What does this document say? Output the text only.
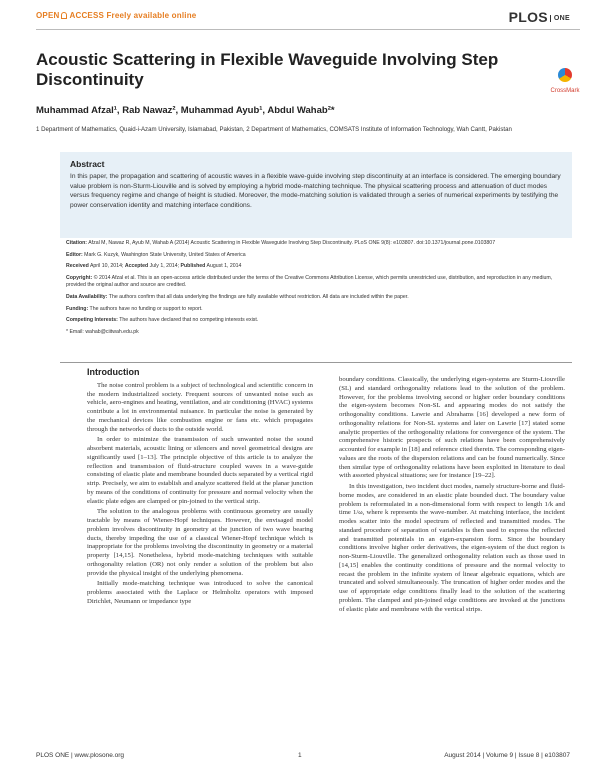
OPEN ACCESS Freely available online	PLOS ONE
Acoustic Scattering in Flexible Waveguide Involving Step Discontinuity
CrossMark
Muhammad Afzal¹, Rab Nawaz², Muhammad Ayub¹, Abdul Wahab²*
1 Department of Mathematics, Quaid-i-Azam University, Islamabad, Pakistan, 2 Department of Mathematics, COMSATS Institute of Information Technology, Wah Cantt, Pakistan
Abstract

In this paper, the propagation and scattering of acoustic waves in a flexible wave-guide involving step discontinuity at an interface is considered. The emerging boundary value problem is non-Sturm-Liouville and is solved by employing a hybrid mode-matching technique. The physical scattering process and attenuation of duct modes versus frequency regime and change of height is studied. Moreover, the mode-matching solution is validated through a series of numerical experiments by testifying the power conservation identity and matching interface conditions.

Citation: Afzal M, Nawaz R, Ayub M, Wahab A (2014) Acoustic Scattering in Flexible Waveguide Involving Step Discontinuity. PLoS ONE 9(8): e103807. doi:10.1371/journal.pone.0103807

Editor: Mark G. Kuzyk, Washington State University, United States of America

Received April 10, 2014; Accepted July 1, 2014; Published August 1, 2014

Copyright: © 2014 Afzal et al. This is an open-access article distributed under the terms of the Creative Commons Attribution License, which permits unrestricted use, distribution, and reproduction in any medium, provided the original author and source are credited.

Data Availability: The authors confirm that all data underlying the findings are fully available without restriction. All data are included within the paper.

Funding: The authors have no funding or support to report.

Competing Interests: The authors have declared that no competing interests exist.

* Email: wahab@ciitwah.edu.pk

Introduction

The noise control problem is a subject of technological and scientific concern in the modern industrialized society. Frequent sources of unwanted noise such as vehicle, aero-engines and heating, ventilation, and air conditioning (HVAC) systems contribute a lot in environmental nuisance. In particular the noise is generated by the mechanical devices like combustion engine or fans etc. which propagates through the networks of ducts to the outside world.

In order to minimize the transmission of such unwanted noise the sound absorbent materials, acoustic lining or silencers and novel geometrical designs are significantly used [1–13]. The principle objective of this article is to analyze the reflection and transmission of fluid-structure coupled waves in a wave-guide consisting of elastic plate and membrane bounded ducts separated by a vertical rigid strip. Precisely, we aim to establish and analyze scattered field at the planar junction by means of the conditions of continuity for pressure and normal velocity when the elastic plate edges are clamped or pin-joined to the vertical strip.

The solution to the analogous problems with continuous geometry are usually tractable by means of Wiener-Hopf techniques. However, the envisaged model problem involves discontinuity in geometry at the junction of two wave bearing ducts, thereby impeding the use of a classical Wiener-Hopf technique which is inappropriate for the problems involving the discontinuity in geometry or a material property [14,15]. Nonetheless, hybrid mode-matching techniques with suitable orthogonality relation (OR) not only render a solution of the problem but also provide the physical insight of the underlying phenomena.

Initially mode-matching technique was introduced to solve the canonical problems associated with the Laplace or Helmholtz operators with imposed Dirichlet, Neumann or impedance type

boundary conditions. Classically, the underlying eigen-systems are Sturm-Liouville (SL) and standard orthogonality relations lead to the solution of the problem. However, for the problems involving second or higher order boundary conditions the eigen-system becomes Non-SL and appearing modes do not satisfy the orthogonality conditions. Lawrie and Abrahams [16] developed a new form of orthogonality relations for Non-SL systems and later on Lawrie [17] stated some analytic properties of the orthogonality relations for convergence of the system. The comprehensive historic prospects of such relations have been comprehensively accounted for example in [18] and reference cited therein. The corresponding eigen-values are the roots of the dispersion relations and can be found numerically. Since then similar type of orthogonality relations have been exploited in literature to deal with assorted physical situations; see for instance [19–22].

In this investigation, two incident duct modes, namely structure-borne and fluid-borne modes, are considered in an elastic plate bounded duct. The boundary value problem is reformulated in a non-dimensional form with respect to length 1/k and time 1/ω, where k represents the wave-number. At matching interface, the incident modes scatter into the model spectrum of reflected and transmitted modes. The standard procedure of separation of variables is then used to express the reflected and transmitted potentials in an eigen-expansion form. Since the boundary conditions involve higher order derivatives, the eigen-system of the duct region is non-Sturm-Liouville. The generalized orthogonality relation such as those used in [14,15] enables the continuity conditions of pressure and the normal velocity to recast the problem in the infinite system of linear algebraic equations, which are truncated and solved simultaneously. The truncation of higher order modes and the use of appropriate edge conditions finally lead to the solution of the scattering problem. The clamped and pin-joined edge conditions are invoked at the junctions of elastic plate and membrane with the vertical strips.

PLOS ONE | www.plosone.org	1	August 2014 | Volume 9 | Issue 8 | e103807
